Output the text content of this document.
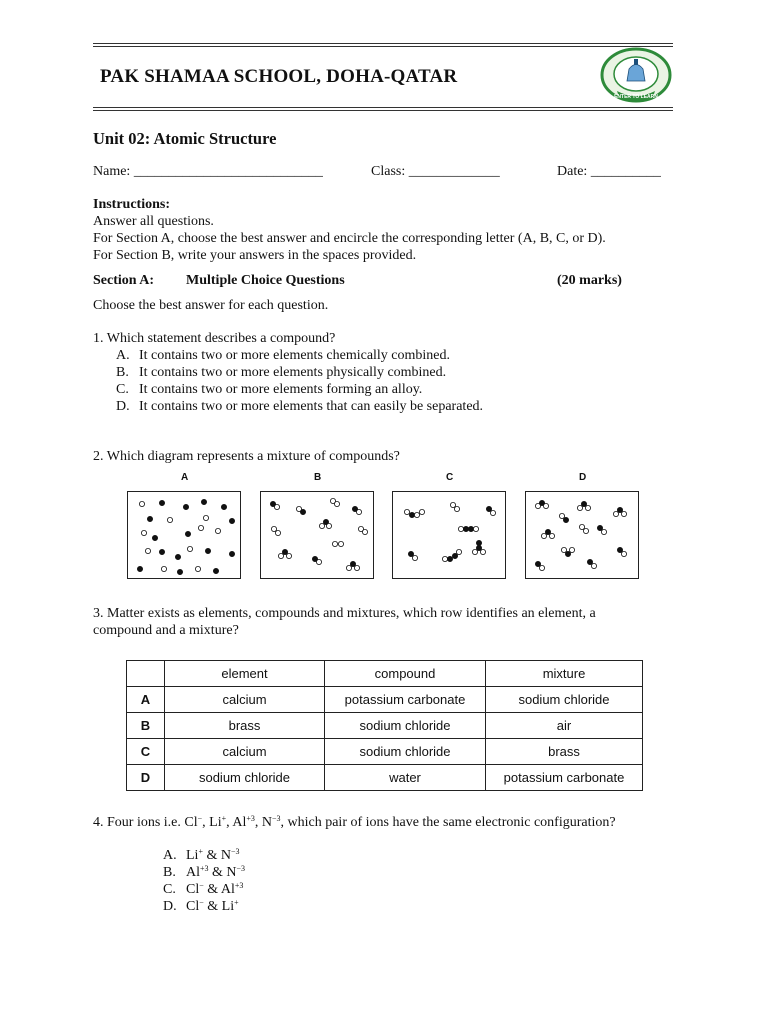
PAK SHAMAA SCHOOL, DOHA-QATAR
ENTER TO LEARN
Unit 02: Atomic Structure
Name: ___________________________	Class: _____________	Date: __________
Instructions:
Answer all questions.
For Section A, choose the best answer and encircle the corresponding letter (A, B, C, or D).
For Section B, write your answers in the spaces provided.
Section A: Multiple Choice Questions	(20 marks)
Choose the best answer for each question.
1. Which statement describes a compound?
A. It contains two or more elements chemically combined.
B. It contains two or more elements physically combined.
C. It contains two or more elements forming an alloy.
D. It contains two or more elements that can easily be separated.
2. Which diagram represents a mixture of compounds?
A	B	C	D
3. Matter exists as elements, compounds and mixtures, which row identifies an element, a
compound and a mixture?
	element	compound	mixture
A	calcium	potassium carbonate	sodium chloride
B	brass	sodium chloride	air
C	calcium	sodium chloride	brass
D	sodium chloride	water	potassium carbonate
4. Four ions i.e. Cl−, Li+, $Al^{+3}$, $N^{-3}$, which pair of ions have the same electronic configuration?
A. Li+ & $N^{-3}$
B. $Al^{+3}$ & $N^{-3}$
C. Cl− & $Al^{+3}$
D. Cl− & Li+
